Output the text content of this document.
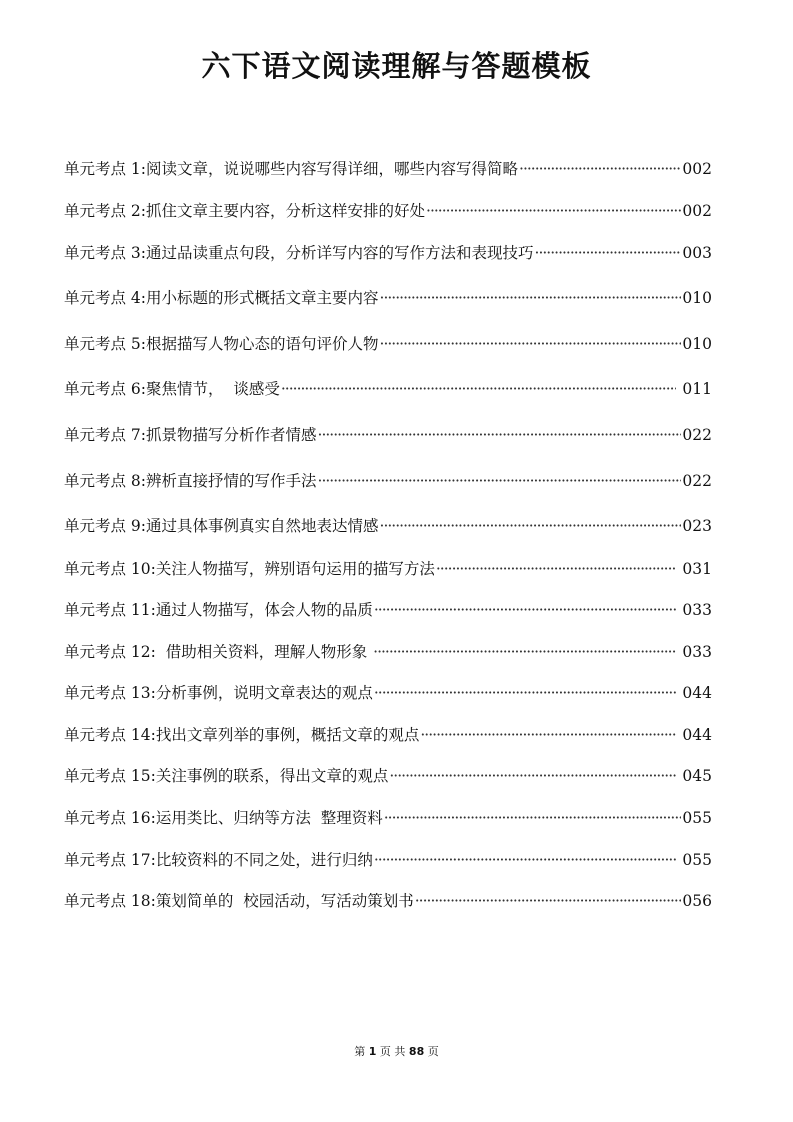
六下语文阅读理解与答题模板
单元考点 1:阅读文章，说说哪些内容写得详细，哪些内容写得简略 ·····	002
单元考点 2:抓住文章主要内容，分析这样安排的好处 ·····	002
单元考点 3:通过品读重点句段，分析详写内容的写作方法和表现技巧 ·····	003
单元考点 4:用小标题的形式概括文章主要内容 ·····	010
单元考点 5:根据描写人物心态的语句评价人物 ·····	010
单元考点 6:聚焦情节，  谈感受 ·····	011
单元考点 7:抓景物描写分析作者情感 ·····	022
单元考点 8:辨析直接抒情的写作手法 ·····	022
单元考点 9:通过具体事例真实自然地表达情感 ·····	023
单元考点 10:关注人物描写，辨别语句运用的描写方法 ·····	031
单元考点 11:通过人物描写，体会人物的品质 ·····	033
单元考点 12:  借助相关资料，理解人物形象 ·····	033
单元考点 13:分析事例，说明文章表达的观点 ·····	044
单元考点 14:找出文章列举的事例，概括文章的观点 ·····	044
单元考点 15:关注事例的联系，得出文章的观点 ·····	045
单元考点 16:运用类比、归纳等方法  整理资料 ·····	055
单元考点 17:比较资料的不同之处，进行归纳 ·····	055
单元考点 18:策划简单的  校园活动，写活动策划书 ·····	056
第 1 页 共 88 页
